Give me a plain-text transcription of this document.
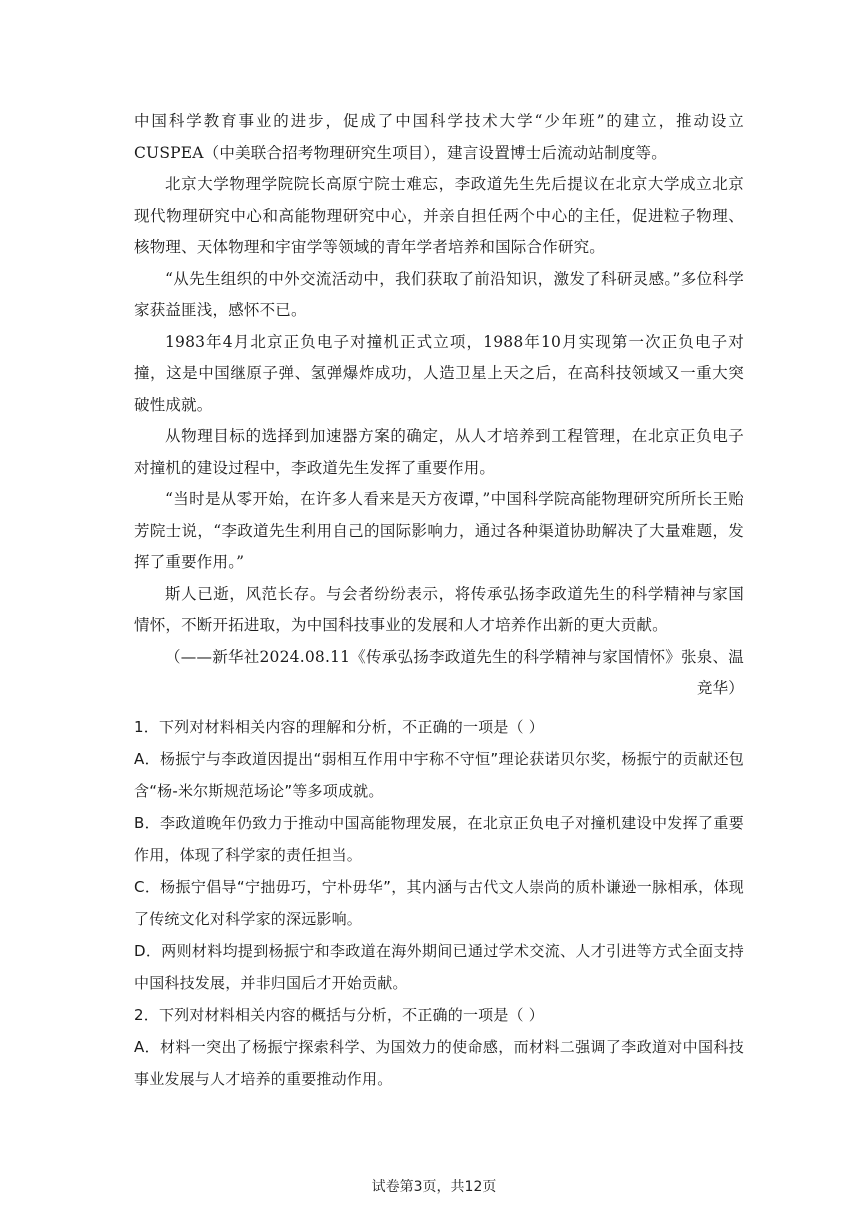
中国科学教育事业的进步，促成了中国科学技术大学“少年班”的建立，推动设立CUSPEA（中美联合招考物理研究生项目），建言设置博士后流动站制度等。

北京大学物理学院院长高原宁院士难忘，李政道先生先后提议在北京大学成立北京现代物理研究中心和高能物理研究中心，并亲自担任两个中心的主任，促进粒子物理、核物理、天体物理和宇宙学等领域的青年学者培养和国际合作研究。

“从先生组织的中外交流活动中，我们获取了前沿知识，激发了科研灵感。”多位科学家获益匪浅，感怀不已。

1983年4月北京正负电子对撞机正式立项，1988年10月实现第一次正负电子对撞，这是中国继原子弹、氢弹爆炸成功，人造卫星上天之后，在高科技领域又一重大突破性成就。

从物理目标的选择到加速器方案的确定，从人才培养到工程管理，在北京正负电子对撞机的建设过程中，李政道先生发挥了重要作用。

“当时是从零开始，在许多人看来是天方夜谭，”中国科学院高能物理研究所所长王贻芳院士说，“李政道先生利用自己的国际影响力，通过各种渠道协助解决了大量难题，发挥了重要作用。”

斯人已逝，风范长存。与会者纷纷表示，将传承弘扬李政道先生的科学精神与家国情怀，不断开拓进取，为中国科技事业的发展和人才培养作出新的更大贡献。

（——新华社2024.08.11《传承弘扬李政道先生的科学精神与家国情怀》张泉、温竞华）

1．下列对材料相关内容的理解和分析，不正确的一项是（ ）

A．杨振宁与李政道因提出“弱相互作用中宇称不守恒”理论获诺贝尔奖，杨振宁的贡献还包含“杨-米尔斯规范场论”等多项成就。

B．李政道晚年仍致力于推动中国高能物理发展，在北京正负电子对撞机建设中发挥了重要作用，体现了科学家的责任担当。

C．杨振宁倡导“宁拙毋巧，宁朴毋华”，其内涵与古代文人崇尚的质朴谦逊一脉相承，体现了传统文化对科学家的深远影响。

D．两则材料均提到杨振宁和李政道在海外期间已通过学术交流、人才引进等方式全面支持中国科技发展，并非归国后才开始贡献。

2．下列对材料相关内容的概括与分析，不正确的一项是（ ）

A．材料一突出了杨振宁探索科学、为国效力的使命感，而材料二强调了李政道对中国科技事业发展与人才培养的重要推动作用。

试卷第3页，共12页
